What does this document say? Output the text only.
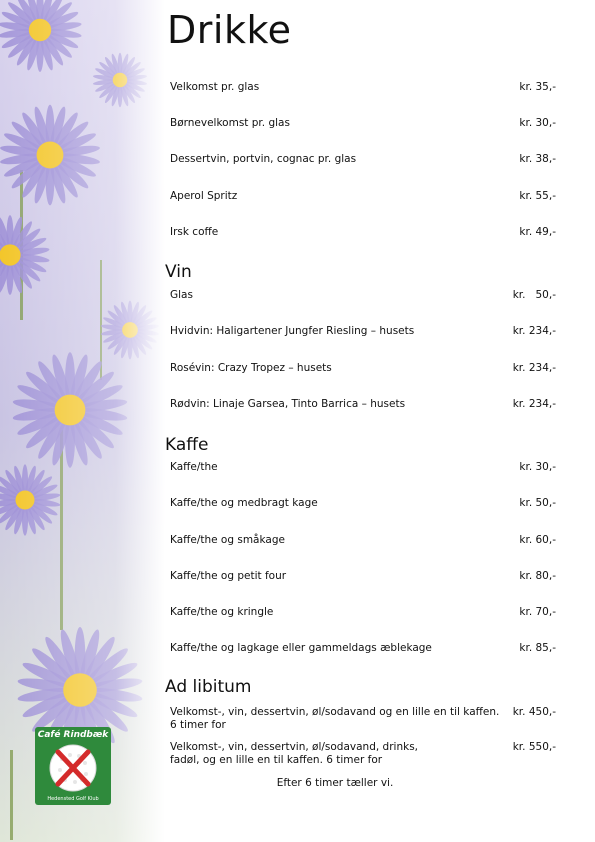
Drikke
Velkomst pr. glas	kr. 35,-
Børnevelkomst pr. glas	kr. 30,-
Dessertvin, portvin, cognac pr. glas	kr. 38,-
Aperol Spritz	kr. 55,-
Irsk coffe	kr. 49,-
Vin
Glas	kr.   50,-
Hvidvin: Haligartener Jungfer Riesling – husets	kr. 234,-
Rosévin: Crazy Tropez – husets	kr. 234,-
Rødvin: Linaje Garsea, Tinto Barrica – husets	kr. 234,-
Kaffe
Kaffe/the	kr. 30,-
Kaffe/the og medbragt kage	kr. 50,-
Kaffe/the og småkage	kr. 60,-
Kaffe/the og petit four	kr. 80,-
Kaffe/the og kringle	kr. 70,-
Kaffe/the og lagkage eller gammeldags æblekage	kr. 85,-
Ad libitum
Velkomst-, vin, dessertvin, øl/sodavand og en lille en til kaffen.
6 timer for
kr. 450,-
Velkomst-, vin, dessertvin, øl/sodavand, drinks,
fadøl, og en lille en til kaffen. 6 timer for
kr. 550,-
Efter 6 timer tæller vi.
Café Rindbæk
Hedensted Golf Klub
